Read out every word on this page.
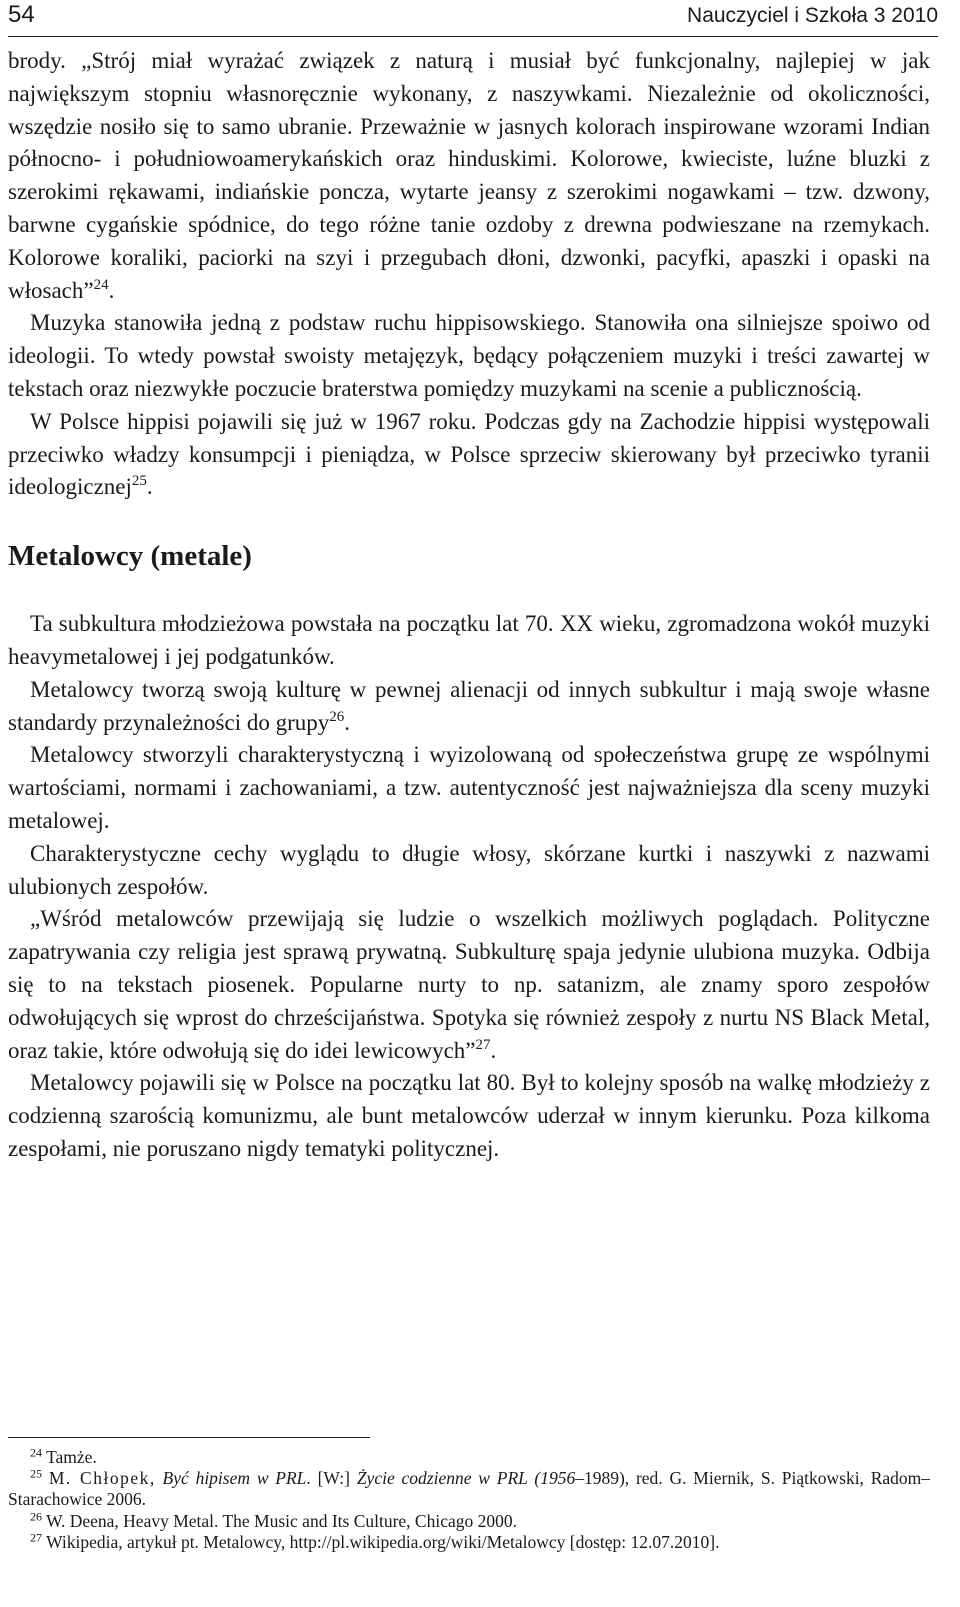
54	Nauczyciel i Szkoła 3 2010

brody. „Strój miał wyrażać związek z naturą i musiał być funkcjonalny, najlepiej w jak największym stopniu własnoręcznie wykonany, z naszywkami. Niezależnie od okoliczności, wszędzie nosiło się to samo ubranie. Przeważnie w jasnych kolorach inspirowane wzorami Indian północno- i południowoamerykańskich oraz hinduskimi. Kolorowe, kwieciste, luźne bluzki z szerokimi rękawami, indiańskie poncza, wytarte jeansy z szerokimi nogawkami – tzw. dzwony, barwne cygańskie spódnice, do tego różne tanie ozdoby z drewna podwieszane na rzemykach. Kolorowe koraliki, paciorki na szyi i przegubach dłoni, dzwonki, pacyfki, apaszki i opaski na włosach”$^{24}$.

Muzyka stanowiła jedną z podstaw ruchu hippisowskiego. Stanowiła ona silniejsze spoiwo od ideologii. To wtedy powstał swoisty metajęzyk, będący połączeniem muzyki i treści zawartej w tekstach oraz niezwykłe poczucie braterstwa pomiędzy muzykami na scenie a publicznością.

W Polsce hippisi pojawili się już w 1967 roku. Podczas gdy na Zachodzie hippisi występowali przeciwko władzy konsumpcji i pieniądza, w Polsce sprzeciw skierowany był przeciwko tyranii ideologicznej$^{25}$.

Metalowcy (metale)

Ta subkultura młodzieżowa powstała na początku lat 70. XX wieku, zgromadzona wokół muzyki heavymetalowej i jej podgatunków.

Metalowcy tworzą swoją kulturę w pewnej alienacji od innych subkultur i mają swoje własne standardy przynależności do grupy$^{26}$.

Metalowcy stworzyli charakterystyczną i wyizolowaną od społeczeństwa grupę ze wspólnymi wartościami, normami i zachowaniami, a tzw. autentyczność jest najważniejsza dla sceny muzyki metalowej.

Charakterystyczne cechy wyglądu to długie włosy, skórzane kurtki i naszywki z nazwami ulubionych zespołów.

„Wśród metalowców przewijają się ludzie o wszelkich możliwych poglądach. Polityczne zapatrywania czy religia jest sprawą prywatną. Subkulturę spaja jedynie ulubiona muzyka. Odbija się to na tekstach piosenek. Popularne nurty to np. satanizm, ale znamy sporo zespołów odwołujących się wprost do chrześcijaństwa. Spotyka się również zespoły z nurtu NS Black Metal, oraz takie, które odwołują się do idei lewicowych”$^{27}$.

Metalowcy pojawili się w Polsce na początku lat 80. Był to kolejny sposób na walkę młodzieży z codzienną szarością komunizmu, ale bunt metalowców uderzał w innym kierunku. Poza kilkoma zespołami, nie poruszano nigdy tematyki politycznej.

$^{24}$ Tamże.

$^{25}$ M. Chłopek, Być hipisem w PRL. [W:] Życie codzienne w PRL (1956–1989), red. G. Miernik, S. Piątkowski, Radom–Starachowice 2006.

$^{26}$ W. Deena, Heavy Metal. The Music and Its Culture, Chicago 2000.

$^{27}$ Wikipedia, artykuł pt. Metalowcy, http://pl.wikipedia.org/wiki/Metalowcy [dostęp: 12.07.2010].
